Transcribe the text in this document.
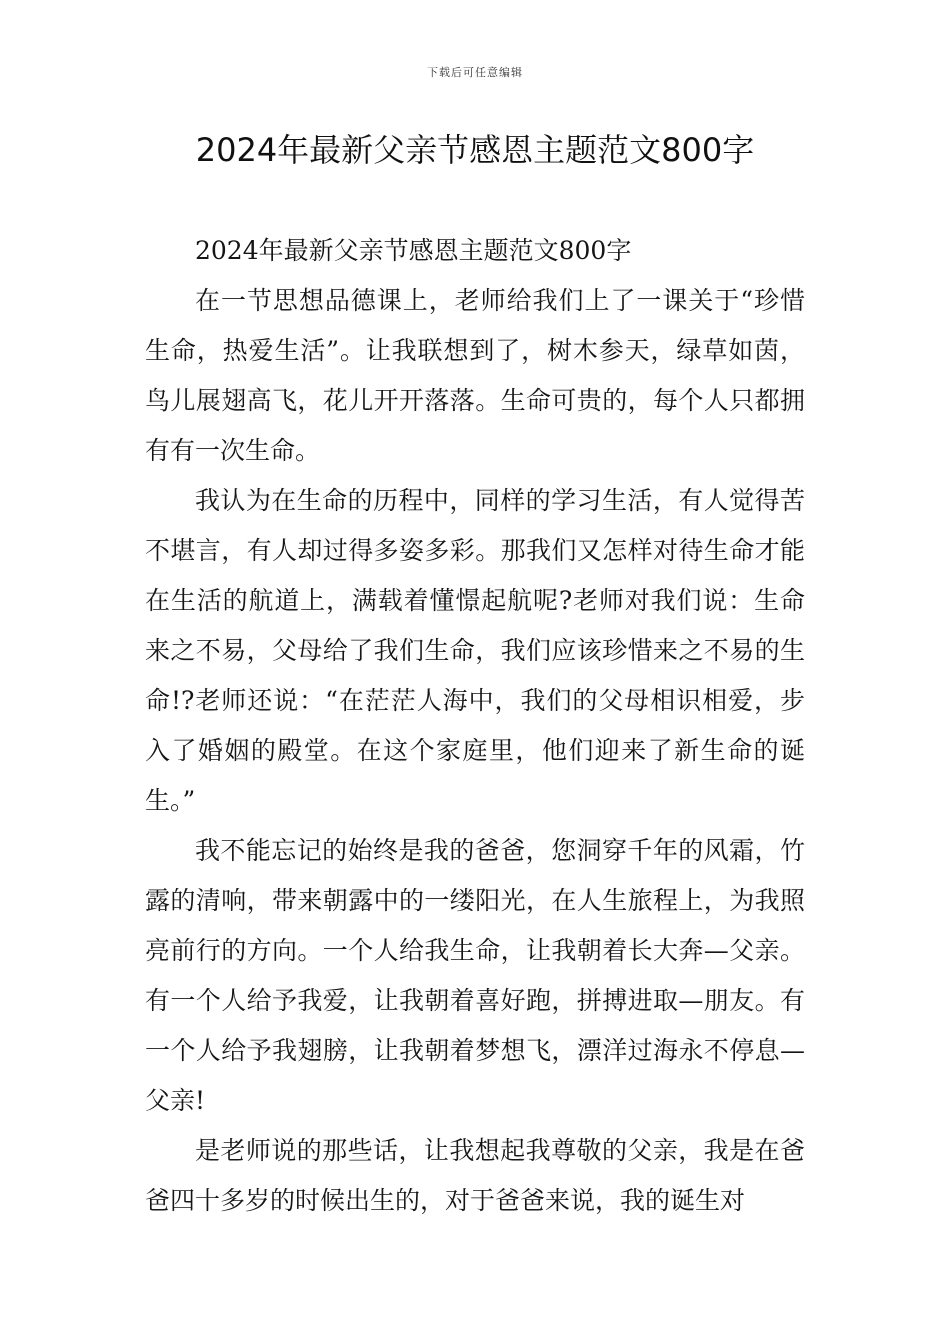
下载后可任意编辑
2024年最新父亲节感恩主题范文800字

2024年最新父亲节感恩主题范文800字

在一节思想品德课上，老师给我们上了一课关于“珍惜生命，热爱生活”。让我联想到了，树木参天，绿草如茵，鸟儿展翅高飞，花儿开开落落。生命可贵的，每个人只都拥有有一次生命。

我认为在生命的历程中，同样的学习生活，有人觉得苦不堪言，有人却过得多姿多彩。那我们又怎样对待生命才能在生活的航道上，满载着懂憬起航呢?老师对我们说：生命来之不易，父母给了我们生命，我们应该珍惜来之不易的生命!?老师还说：“在茫茫人海中，我们的父母相识相爱，步入了婚姻的殿堂。在这个家庭里，他们迎来了新生命的诞生。”

我不能忘记的始终是我的爸爸，您洞穿千年的风霜，竹露的清响，带来朝露中的一缕阳光，在人生旅程上，为我照亮前行的方向。一个人给我生命，让我朝着长大奔—父亲。有一个人给予我爱，让我朝着喜好跑，拼搏进取—朋友。有一个人给予我翅膀，让我朝着梦想飞，漂洋过海永不停息—父亲!

是老师说的那些话，让我想起我尊敬的父亲，我是在爸爸四十多岁的时候出生的，对于爸爸来说，我的诞生对
